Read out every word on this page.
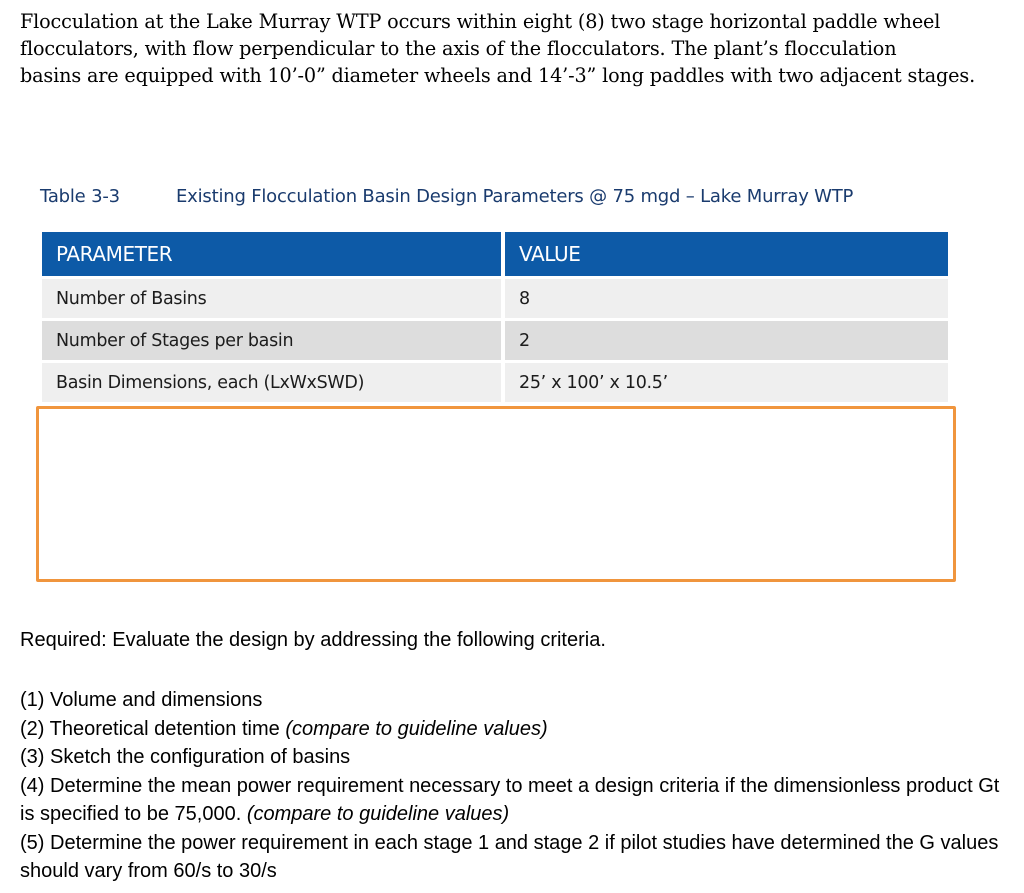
Flocculation at the Lake Murray WTP occurs within eight (8) two stage horizontal paddle wheel
flocculators, with flow perpendicular to the axis of the flocculators. The plant’s flocculation
basins are equipped with 10’-0” diameter wheels and 14’-3” long paddles with two adjacent stages.
Table 3-3	Existing Flocculation Basin Design Parameters @ 75 mgd – Lake Murray WTP
PARAMETER	VALUE
Number of Basins	8
Number of Stages per basin	2
Basin Dimensions, each (LxWxSWD)	25’ x 100’ x 10.5’

Required: Evaluate the design by addressing the following criteria.

(1) Volume and dimensions
(2) Theoretical detention time (compare to guideline values)
(3) Sketch the configuration of basins
(4) Determine the mean power requirement necessary to meet a design criteria if the dimensionless product Gt is specified to be 75,000. (compare to guideline values)
(5) Determine the power requirement in each stage 1 and stage 2 if pilot studies have determined the G values should vary from 60/s to 30/s
